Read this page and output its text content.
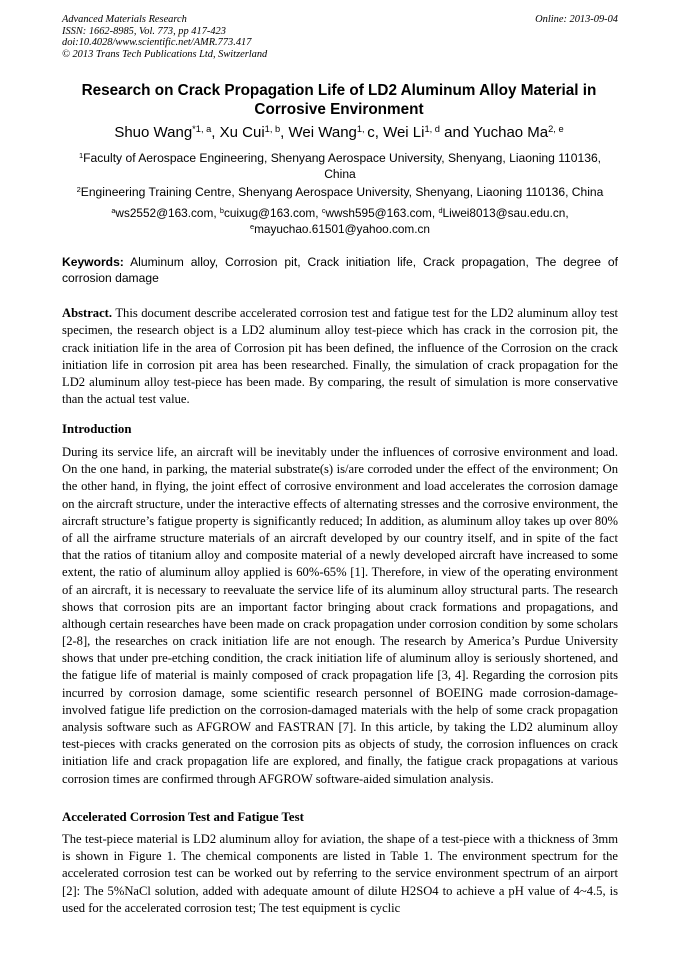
Advanced Materials Research
ISSN: 1662-8985, Vol. 773, pp 417-423
doi:10.4028/www.scientific.net/AMR.773.417
© 2013 Trans Tech Publications Ltd, Switzerland
Online: 2013-09-04
Research on Crack Propagation Life of LD2 Aluminum Alloy Material in Corrosive Environment
Shuo Wang$^{*1, a}$, Xu Cui$^{1, b}$, Wei Wang$^{1,}$ c, Wei Li$^{1, d}$ and Yuchao Ma$^{2, e}$
$^1$Faculty of Aerospace Engineering, Shenyang Aerospace University, Shenyang, Liaoning 110136, China
$^2$Engineering Training Centre, Shenyang Aerospace University, Shenyang, Liaoning 110136, China
$^a$ws2552@163.com, $^b$cuixug@163.com, $^c$wwsh595@163.com, $^d$Liwei8013@sau.edu.cn,
$^e$mayuchao.61501@yahoo.com.cn
Keywords: Aluminum alloy, Corrosion pit, Crack initiation life, Crack propagation, The degree of corrosion damage
Abstract. This document describe accelerated corrosion test and fatigue test for the LD2 aluminum alloy test specimen, the research object is a LD2 aluminum alloy test-piece which has crack in the corrosion pit, the crack initiation life in the area of Corrosion pit has been defined, the influence of the Corrosion on the crack initiation life in corrosion pit area has been researched. Finally, the simulation of crack propagation for the LD2 aluminum alloy test-piece has been made. By comparing, the result of simulation is more conservative than the actual test value.
Introduction
During its service life, an aircraft will be inevitably under the influences of corrosive environment and load. On the one hand, in parking, the material substrate(s) is/are corroded under the effect of the environment; On the other hand, in flying, the joint effect of corrosive environment and load accelerates the corrosion damage on the aircraft structure, under the interactive effects of alternating stresses and the corrosive environment, the aircraft structure’s fatigue property is significantly reduced; In addition, as aluminum alloy takes up over 80% of all the airframe structure materials of an aircraft developed by our country itself, and in spite of the fact that the ratios of titanium alloy and composite material of a newly developed aircraft have increased to some extent, the ratio of aluminum alloy applied is 60%-65% [1]. Therefore, in view of the operating environment of an aircraft, it is necessary to reevaluate the service life of its aluminum alloy structural parts. The research shows that corrosion pits are an important factor bringing about crack formations and propagations, and although certain researches have been made on crack propagation under corrosion condition by some scholars [2-8], the researches on crack initiation life are not enough. The research by America’s Purdue University shows that under pre-etching condition, the crack initiation life of aluminum alloy is seriously shortened, and the fatigue life of material is mainly composed of crack propagation life [3, 4]. Regarding the corrosion pits incurred by corrosion damage, some scientific research personnel of BOEING made corrosion-damage-involved fatigue life prediction on the corrosion-damaged materials with the help of some crack propagation analysis software such as AFGROW and FASTRAN [7]. In this article, by taking the LD2 aluminum alloy test-pieces with cracks generated on the corrosion pits as objects of study, the corrosion influences on crack initiation life and crack propagation life are explored, and finally, the fatigue crack propagations at various corrosion times are confirmed through AFGROW software-aided simulation analysis.
Accelerated Corrosion Test and Fatigue Test
The test-piece material is LD2 aluminum alloy for aviation, the shape of a test-piece with a thickness of 3mm is shown in Figure 1. The chemical components are listed in Table 1. The environment spectrum for the accelerated corrosion test can be worked out by referring to the service environment spectrum of an airport [2]: The 5%NaCl solution, added with adequate amount of dilute H2SO4 to achieve a pH value of 4~4.5, is used for the accelerated corrosion test; The test equipment is cyclic
